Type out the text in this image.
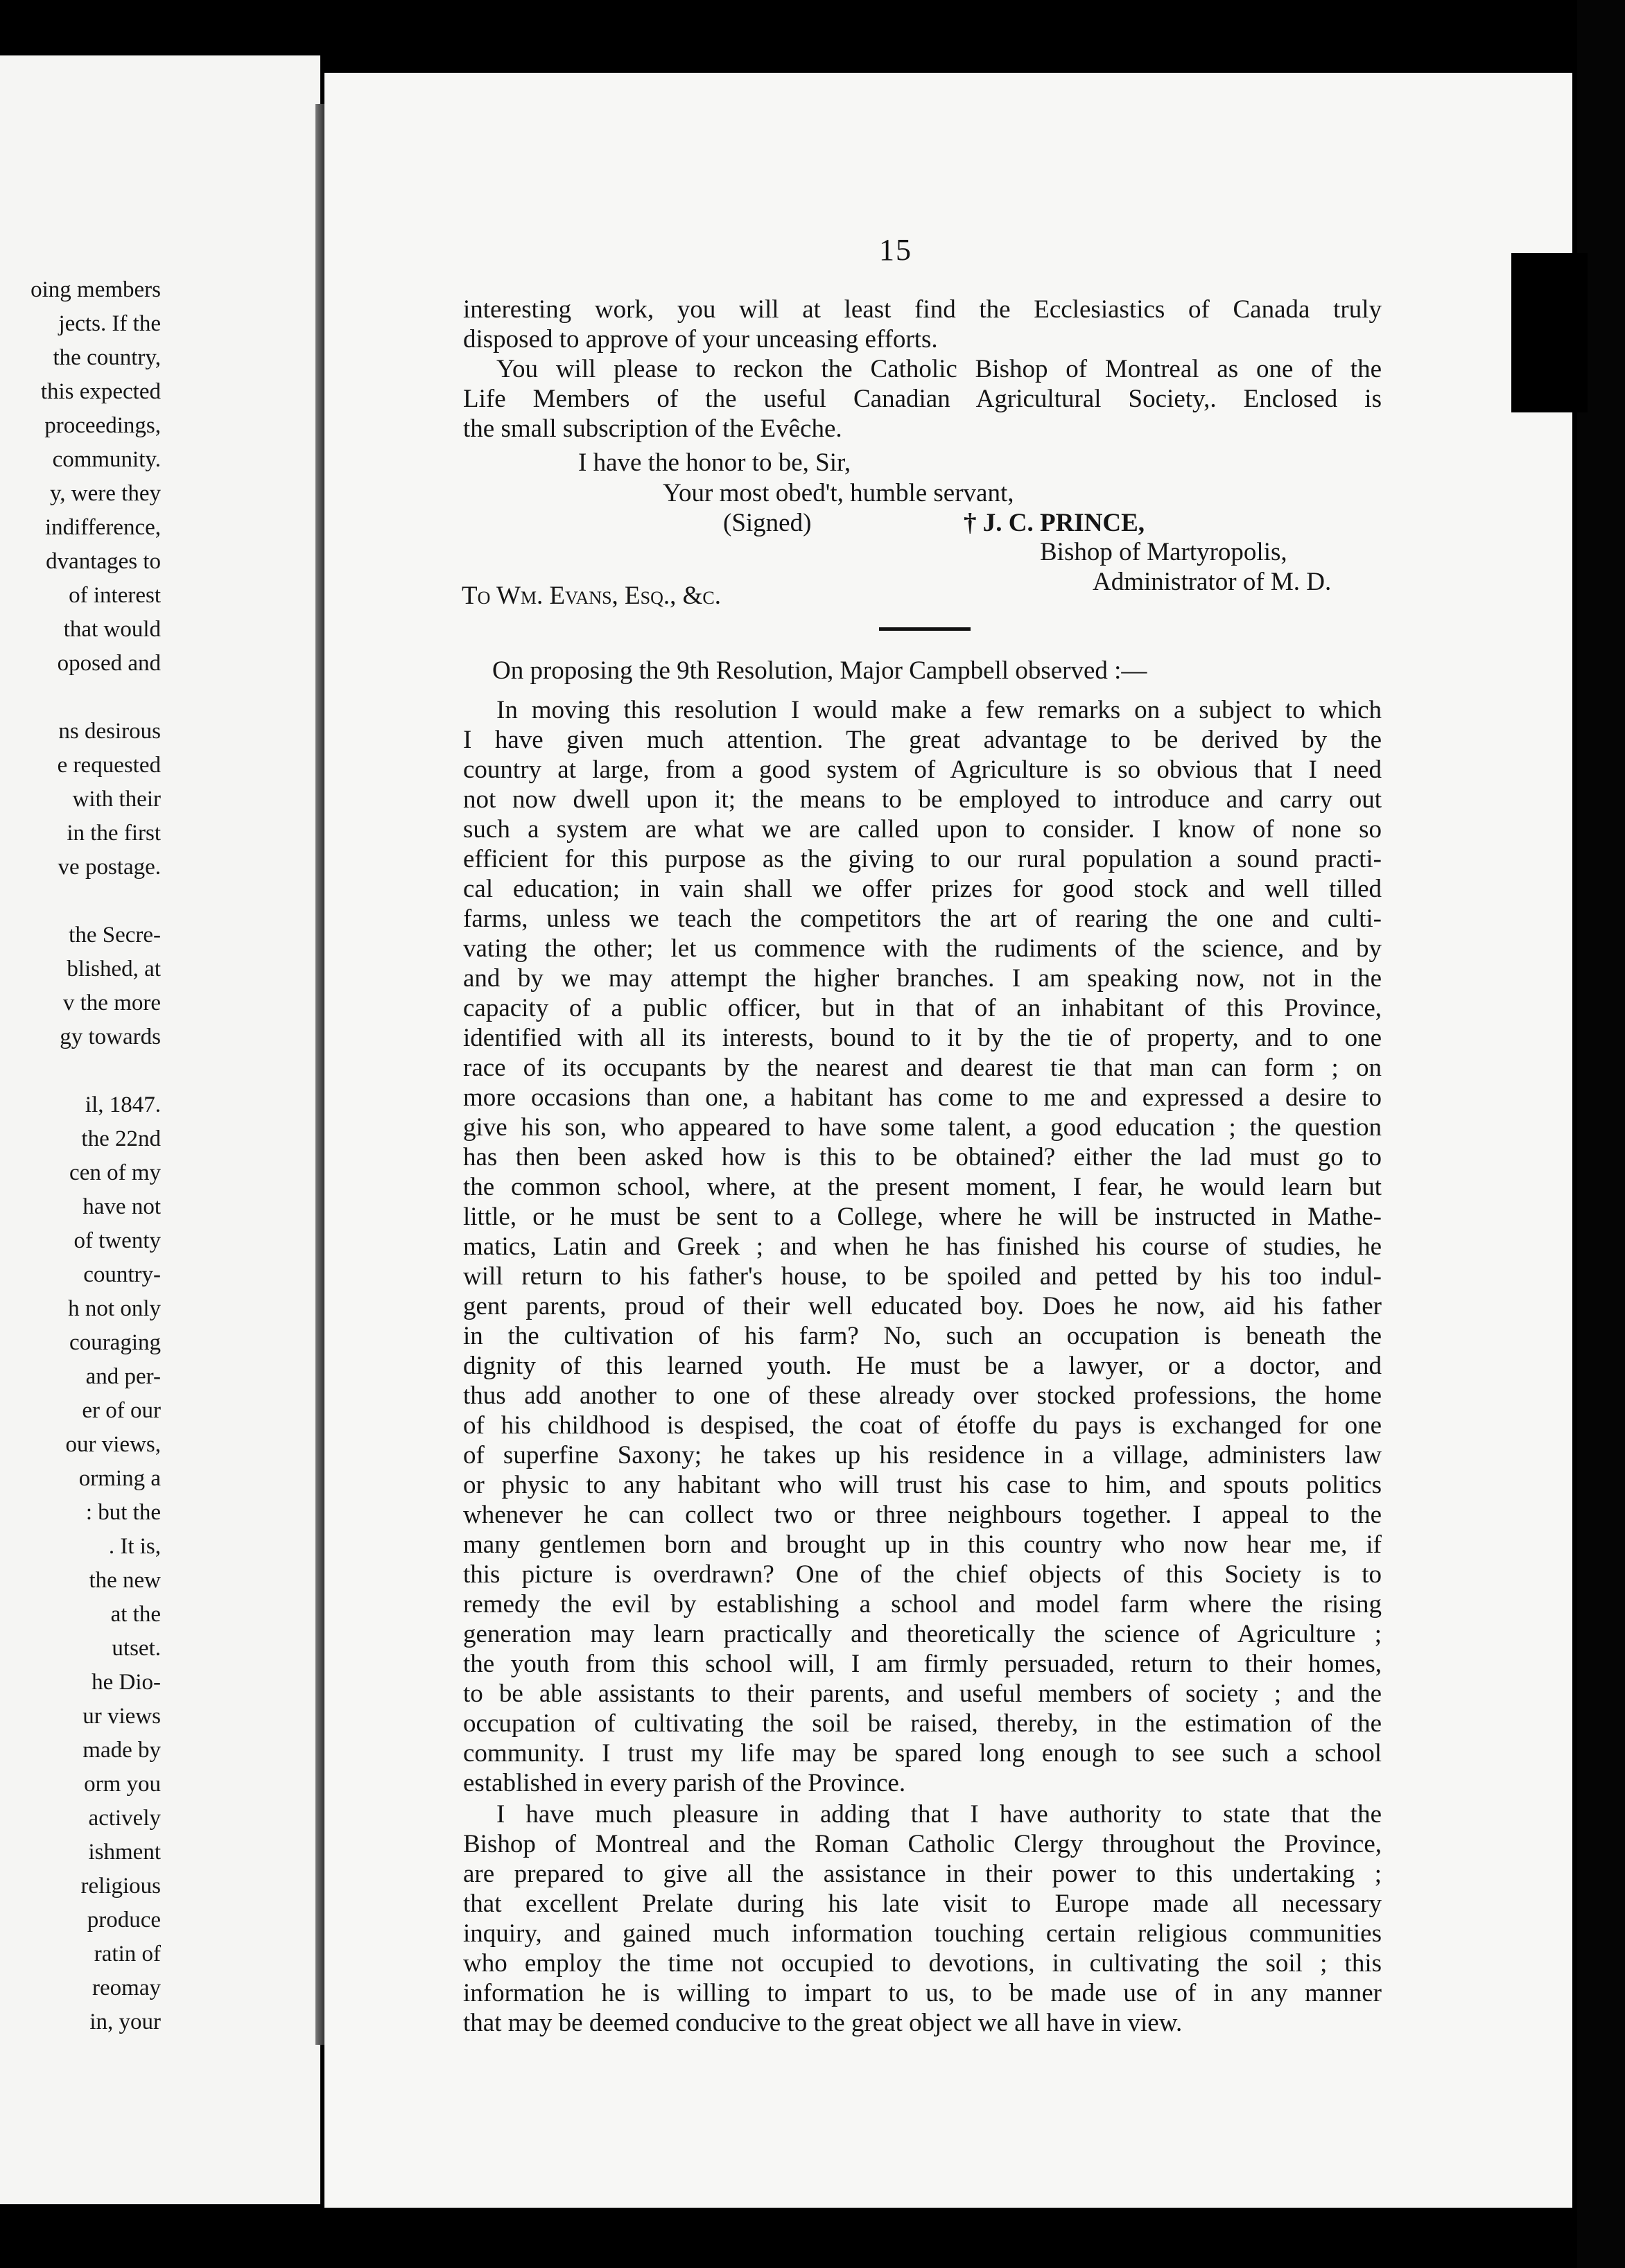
oing members
jects. If the
the country,
this expected
proceedings,
community.
y, were they
indifference,
dvantages to
of interest
that would
oposed and
ns desirous
e requested
with their
in the first
ve postage.
the Secre-
blished, at
v the more
gy towards
il, 1847.
the 22nd
cen of my
have not
of twenty
country-
h not only
couraging
and per-
er of our
our views,
orming a
: but the
. It is,
the new
at the
utset.
he Dio-
ur views
made by
orm you
actively
ishment
religious
produce
ratin of
reomay
in, your
15
interesting work, you will at least find the Ecclesiastics of Canada truly
disposed to approve of your unceasing efforts.
You will please to reckon the Catholic Bishop of Montreal as one of the
Life Members of the useful Canadian Agricultural Society,. Enclosed is
the small subscription of the Evêche.
I have the honor to be, Sir,
Your most obed't, humble servant,
(Signed)	† J. C. PRINCE,
Bishop of Martyropolis,
Administrator of M. D.
To Wm. Evans, Esq., &c.
On proposing the 9th Resolution, Major Campbell observed :—
In moving this resolution I would make a few remarks on a subject to which
I have given much attention. The great advantage to be derived by the
country at large, from a good system of Agriculture is so obvious that I need
not now dwell upon it; the means to be employed to introduce and carry out
such a system are what we are called upon to consider. I know of none so
efficient for this purpose as the giving to our rural population a sound practi-
cal education; in vain shall we offer prizes for good stock and well tilled
farms, unless we teach the competitors the art of rearing the one and culti-
vating the other; let us commence with the rudiments of the science, and by
and by we may attempt the higher branches. I am speaking now, not in the
capacity of a public officer, but in that of an inhabitant of this Province,
identified with all its interests, bound to it by the tie of property, and to one
race of its occupants by the nearest and dearest tie that man can form ; on
more occasions than one, a habitant has come to me and expressed a desire to
give his son, who appeared to have some talent, a good education ; the question
has then been asked how is this to be obtained? either the lad must go to
the common school, where, at the present moment, I fear, he would learn but
little, or he must be sent to a College, where he will be instructed in Mathe-
matics, Latin and Greek ; and when he has finished his course of studies, he
will return to his father's house, to be spoiled and petted by his too indul-
gent parents, proud of their well educated boy. Does he now, aid his father
in the cultivation of his farm? No, such an occupation is beneath the
dignity of this learned youth. He must be a lawyer, or a doctor, and
thus add another to one of these already over stocked professions, the home
of his childhood is despised, the coat of étoffe du pays is exchanged for one
of superfine Saxony; he takes up his residence in a village, administers law
or physic to any habitant who will trust his case to him, and spouts politics
whenever he can collect two or three neighbours together. I appeal to the
many gentlemen born and brought up in this country who now hear me, if
this picture is overdrawn? One of the chief objects of this Society is to
remedy the evil by establishing a school and model farm where the rising
generation may learn practically and theoretically the science of Agriculture ;
the youth from this school will, I am firmly persuaded, return to their homes,
to be able assistants to their parents, and useful members of society ; and the
occupation of cultivating the soil be raised, thereby, in the estimation of the
community. I trust my life may be spared long enough to see such a school
established in every parish of the Province.
I have much pleasure in adding that I have authority to state that the
Bishop of Montreal and the Roman Catholic Clergy throughout the Province,
are prepared to give all the assistance in their power to this undertaking ;
that excellent Prelate during his late visit to Europe made all necessary
inquiry, and gained much information touching certain religious communities
who employ the time not occupied to devotions, in cultivating the soil ; this
information he is willing to impart to us, to be made use of in any manner
that may be deemed conducive to the great object we all have in view.
